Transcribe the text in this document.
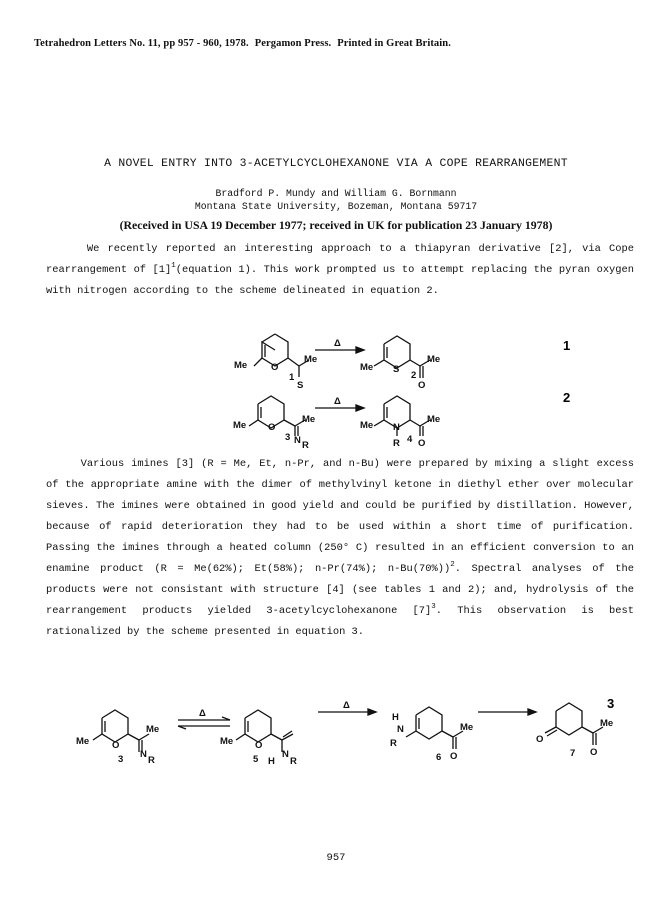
Tetrahedron Letters No. 11, pp 957 - 960, 1978. Pergamon Press. Printed in Great Britain.
A NOVEL ENTRY INTO 3-ACETYLCYCLOHEXANONE VIA A COPE REARRANGEMENT
Bradford P. Mundy and William G. Bornmann
Montana State University, Bozeman, Montana 59717
(Received in USA 19 December 1977; received in UK for publication 23 January 1978)
We recently reported an interesting approach to a thiapyran derivative [2], via Cope rearrangement of $[1]^1(equation$ 1). This work prompted us to attempt replacing the pyran oxygen with nitrogen according to the scheme delineated in equation 2.
Me	O
Me
1
S
Δ
Me S
Me
2
O
Me O
Me
3 N R
Δ
Me N
R
Me
4 O
1
2
Various imines [3] (R = Me, Et, n-Pr, and n-Bu) were prepared by mixing a slight excess of the appropriate amine with the dimer of methylvinyl ketone in diethyl ether over molecular sieves. The imines were obtained in good yield and could be purified by distillation. However, because of rapid deterioration they had to be used within a short time of purification. Passing the imines through a heated column (250° C) resulted in an efficient conversion to an enamine product (R = Me(62%); Et(58%); n-Pr(74%); n-Bu(70%))$^2$. Spectral analyses of the products were not consistant with structure [4] (see tables 1 and 2); and, hydrolysis of the rearrangement products yielded 3-acetylcyclohexanone $[7]^3$. This observation is best rationalized by the scheme presented in equation 3.
Me O
Me
3 N
R
Δ
Me O
5 H
N
R
Δ
H
N
R
Me
6 O
O
Me
7 O
3
957
